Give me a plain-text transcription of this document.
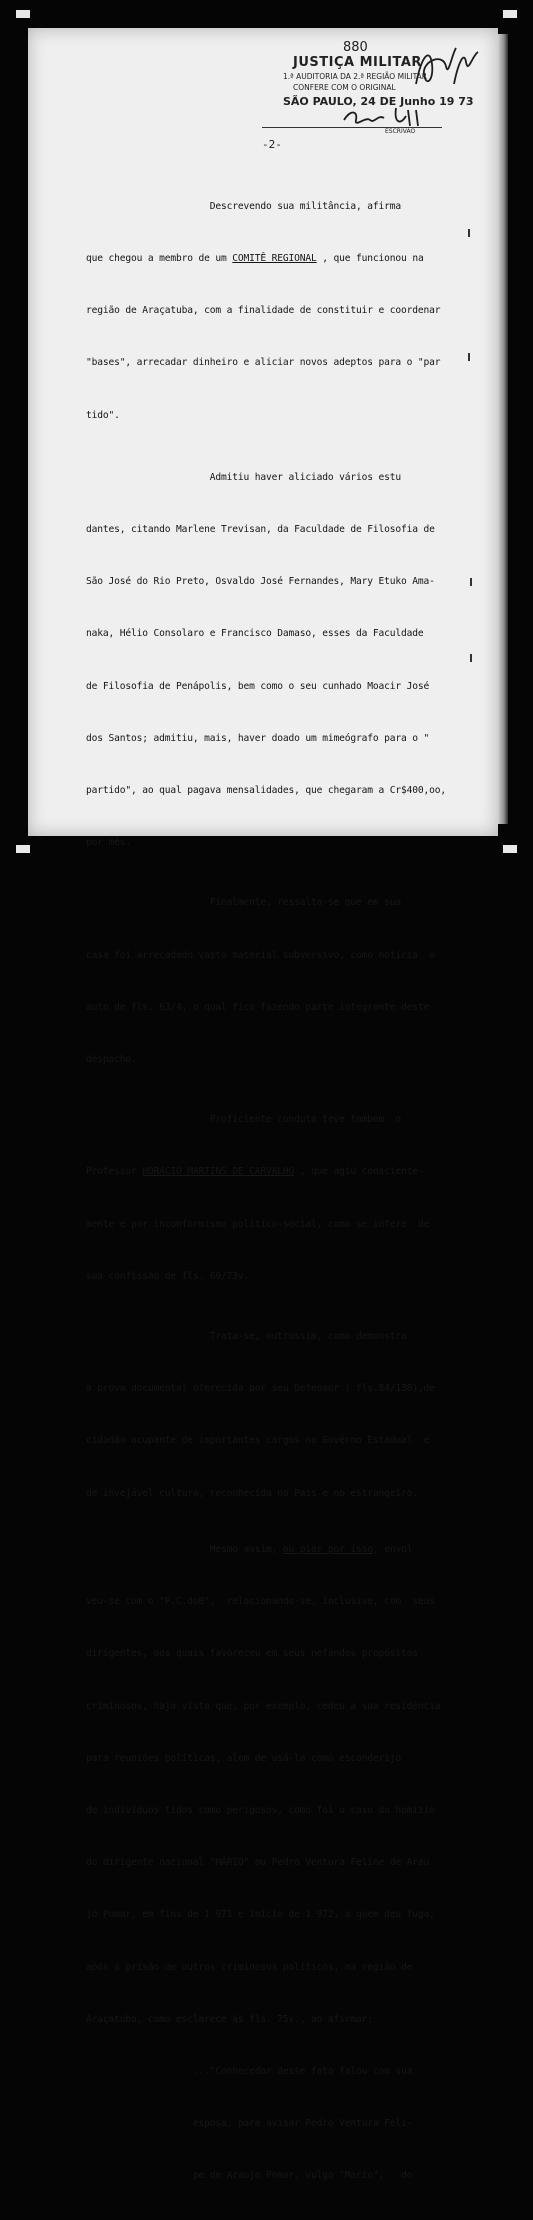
880
JUSTIÇA MILITAR
1.ª AUDITORIA DA 2.ª REGIÃO MILITAR
CONFERE COM O ORIGINAL
SÃO PAULO, 24 DE Junho 19 73
ESCRIVÃO
-2-

Descrevendo sua militância, afirma

que chegou a membro de um COMITÊ REGIONAL , que funcionou na

região de Araçatuba, com a finalidade de constituir e coordenar

"bases", arrecadar dinheiro e aliciar novos adeptos para o "par

tido".

Admitiu haver aliciado vários estu

dantes, citando Marlene Trevisan, da Faculdade de Filosofia de

São José do Rio Preto, Osvaldo José Fernandes, Mary Etuko Ama-

naka, Hélio Consolaro e Francisco Damaso, esses da Faculdade

de Filosofia de Penápolis, bem como o seu cunhado Moacir José

dos Santos; admitiu, mais, haver doado um mimeógrafo para o "

partido", ao qual pagava mensalidades, que chegaram a Cr$400,oo,

por mês.

Finalmente, ressalta-se que em sua

casa foi arrecadado vasto material subversivo, como notícia  o

auto de fls. 63/4, o qual fica fazendo parte integrante deste

despacho.

Proficiente conduta teve também  o

Professor HORÁCIO MARTINS DE CARVALHO , que agiu consciente-

mente e por inconformismo político-social, como se infere  de

sua confissão de fls. 69/73v.

Trata-se, outrossim, como demonstra

a prova documental oferecida por seu Defensor ( fls.84/138),de

cidadão ocupante de importantes cargos no Govêrno Estadual  e

de invejável cultura, reconhecida no País e no estrangeiro.

Mesmo assim, ou pior por isso, envol

veu-se com o "P.C.doB",  relacionando-se, inclusive, com  seus

dirigentes, aos quais favoreceu em seus nefandos propósitos

criminosos, haja vista que, por exemplo, cedeu a sua residência

para reuniões políticas, alem de usá-la como esconderijo

de indivíduos tidos como perigosos, como foi o caso do homizio

do dirigente nacional "MÁRIO" ou Pedro Ventura Feline de Arau

jo Pomar, em fins de 1 971 e início de 1 972, a quem deu fuga,

após a prisão de outros criminosos políticos, na região de

Araçatuba, como esclarece às fls. 75v., ao afirmar:

..."Conhecedor desse fato falou com sua

esposa, para avisar Pedro Ventura Feli-

pe de Araujo Pomar, vulgo "Mario",   do
